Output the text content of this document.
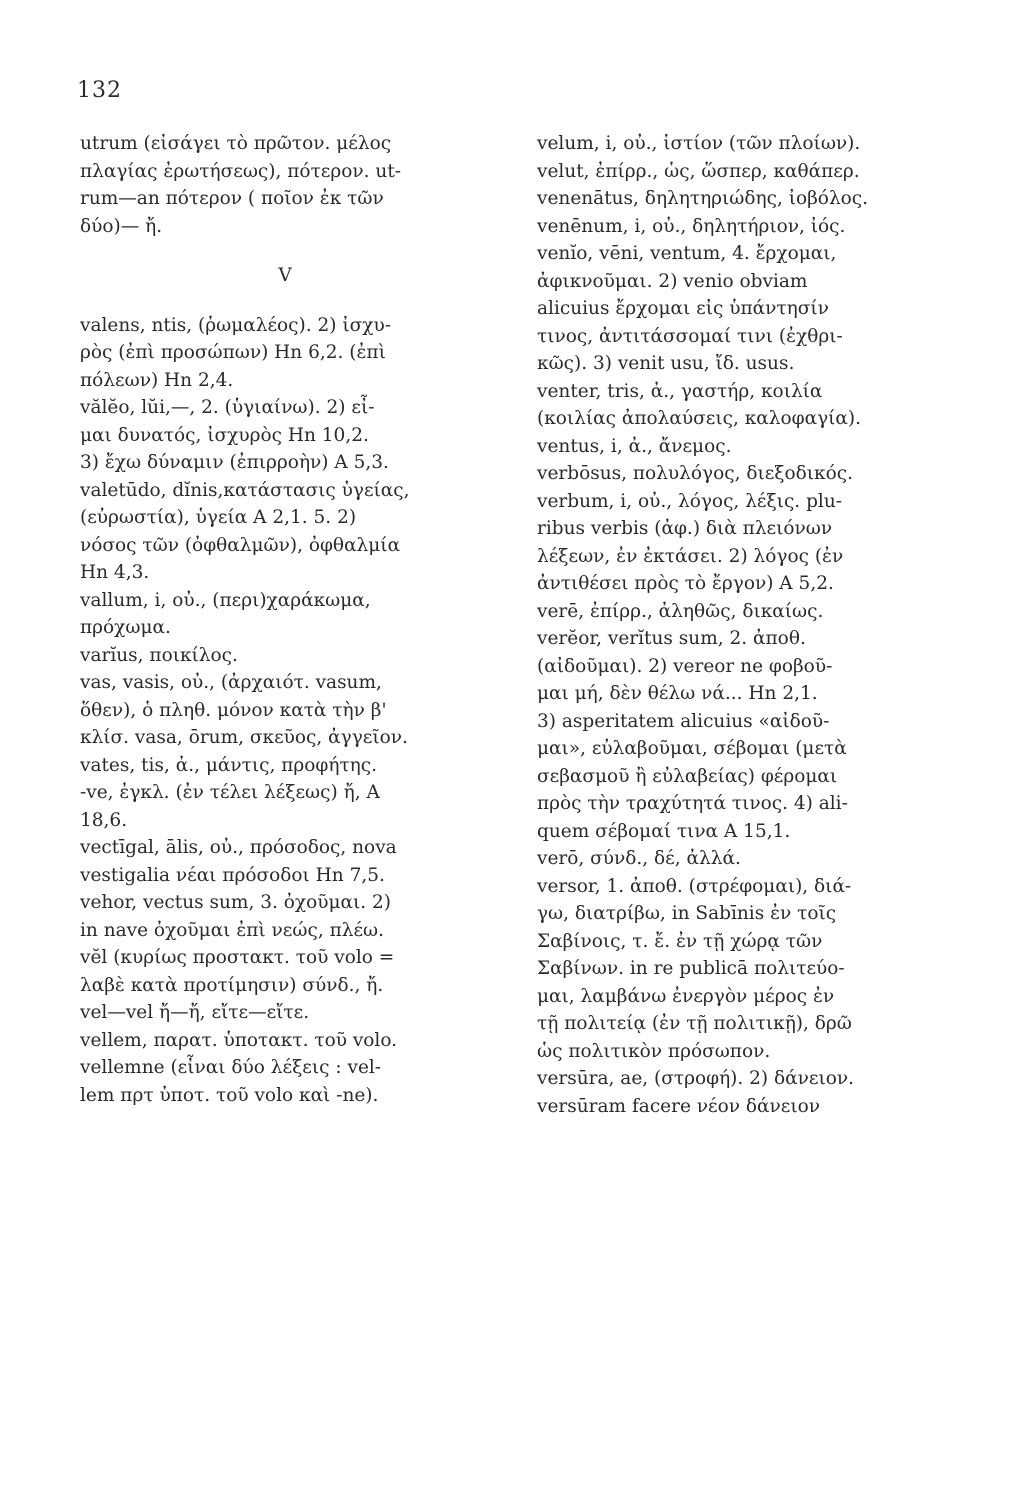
132
utrum (εἰσάγει τὸ πρῶτον. μέλος
πλαγίας ἐρωτήσεως), πότερον. ut-
rum—an πότερον ( ποῖον ἐκ τῶν
δύο)— ἤ.
V
valens, ntis, (ῥωμαλέος). 2) ἰσχυ-
ρὸς (ἐπὶ προσώπων) Hn 6,2. (ἐπὶ
πόλεων) Hn 2,4.
vălĕo, lŭi,—, 2. (ὑγιαίνω). 2) εἶ-
μαι δυνατός, ἰσχυρὸς Hn 10,2.
3) ἔχω δύναμιν (ἐπιρροὴν) A 5,3.
valetūdo, dĭnis,κατάστασις ὑγείας,
(εὐρωστία), ὑγεία A 2,1. 5. 2)
νόσος τῶν (ὀφθαλμῶν), ὀφθαλμία
Hn 4,3.
vallum, i, οὐ., (περι)χαράκωμα,
πρόχωμα.
varĭus, ποικίλος.
vas, vasis, οὐ., (ἀρχαιότ. vasum,
ὅθεν), ὁ πληθ. μόνον κατὰ τὴν β'
κλίσ. vasa, ōrum, σκεῦος, ἀγγεῖον.
vates, tis, ἀ., μάντις, προφήτης.
-ve, ἐγκλ. (ἐν τέλει λέξεως) ἤ, A
18,6.
vectīgal, ālis, οὐ., πρόσοδος, nova
vestigalia νέαι πρόσοδοι Hn 7,5.
vehor, vectus sum, 3. ὀχοῦμαι. 2)
in nave ὀχοῦμαι ἐπὶ νεώς, πλέω.
vĕl (κυρίως προστακτ. τοῦ volo =
λαβὲ κατὰ προτίμησιν) σύνδ., ἤ.
vel—vel ἤ—ἤ, εἴτε—εἴτε.
vellem, παρατ. ὑποτακτ. τοῦ volo.
vellemne (εἶναι δύο λέξεις : vel-
lem πρτ ὑποτ. τοῦ volo καὶ -ne).
velum, i, οὐ., ἱστίον (τῶν πλοίων).
velut, ἐπίρρ., ὡς, ὥσπερ, καθάπερ.
venenātus, δηλητηριώδης, ἰοβόλος.
venēnum, i, οὐ., δηλητήριον, ἰός.
venĭo, vēni, ventum, 4. ἔρχομαι,
ἀφικνοῦμαι. 2) venio obviam
alicuius ἔρχομαι εἰς ὑπάντησίν
τινος, ἀντιτάσσομαί τινι (ἐχθρι-
κῶς). 3) venit usu, ἴδ. usus.
venter, tris, ἀ., γαστήρ, κοιλία
(κοιλίας ἀπολαύσεις, καλοφαγία).
ventus, i, ἀ., ἄνεμος.
verbōsus, πολυλόγος, διεξοδικός.
verbum, i, οὐ., λόγος, λέξις. plu-
ribus verbis (ἀφ.) διὰ πλειόνων
λέξεων, ἐν ἐκτάσει. 2) λόγος (ἐν
ἀντιθέσει πρὸς τὸ ἔργον) A 5,2.
verē, ἐπίρρ., ἀληθῶς, δικαίως.
verĕor, verĭtus sum, 2. ἀποθ.
(αἰδοῦμαι). 2) vereor ne φοβοῦ-
μαι μή, δὲν θέλω νά... Hn 2,1.
3) asperitatem alicuius «αἰδοῦ-
μαι», εὐλαβοῦμαι, σέβομαι (μετὰ
σεβασμοῦ ἢ εὐλαβείας) φέρομαι
πρὸς τὴν τραχύτητά τινος. 4) ali-
quem σέβομαί τινα A 15,1.
verō, σύνδ., δέ, ἀλλά.
versor, 1. ἀποθ. (στρέφομαι), διά-
γω, διατρίβω, in Sabīnis ἐν τοῖς
Σαβίνοις, τ. ἔ. ἐν τῇ χώρᾳ τῶν
Σαβίνων. in re publicā πολιτεύο-
μαι, λαμβάνω ἐνεργὸν μέρος ἐν
τῇ πολιτείᾳ (ἐν τῇ πολιτικῇ), δρῶ
ὡς πολιτικὸν πρόσωπον.
versūra, ae, (στροφή). 2) δάνειον.
versūram facere νέον δάνειον
